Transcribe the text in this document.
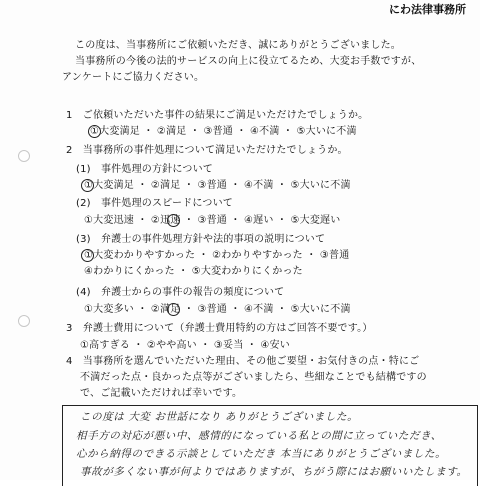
にわ法律事務所
この度は、当事務所にご依頼いただき、誠にありがとうございました。
当事務所の今後の法的サービスの向上に役立てるため、大変お手数ですが、
アンケートにご協力ください。
1　ご依頼いただいた事件の結果にご満足いただけたでしょうか。
①大変満足 ・ ②満足 ・ ③普通 ・ ④不満 ・ ⑤大いに不満
2　当事務所の事件処理について満足いただけたでしょうか。
(1)　事件処理の方針について
①大変満足 ・ ②満足 ・ ③普通 ・ ④不満 ・ ⑤大いに不満
(2)　事件処理のスピードについて
①大変迅速 ・ ②迅速 ・ ③普通 ・ ④遅い ・ ⑤大変遅い
(3)　弁護士の事件処理方針や法的事項の説明について
①大変わかりやすかった ・ ②わかりやすかった ・ ③普通
④わかりにくかった ・ ⑤大変わかりにくかった
(4)　弁護士からの事件の報告の頻度について
①大変多い ・ ②満足 ・ ③普通 ・ ④不満 ・ ⑤大いに不満
3　弁護士費用について（弁護士費用特約の方はご回答不要です。）
①高すぎる ・ ②やや高い ・ ③妥当 ・ ④安い
4　当事務所を選んでいただいた理由、その他ご要望・お気付きの点・特にご
不満だった点・良かった点等がございましたら、些細なことでも結構ですの
で、ご記載いただければ幸いです。
この度は 大変 お世話になり ありがとうございました。
相手方の対応が悪い中、感情的になっている私との間に立っていただき、
心から納得のできる示談としていただき 本当にありがとうございました。
事故が多くない事が何よりではありますが、ちがう際にはお願いいたします。
